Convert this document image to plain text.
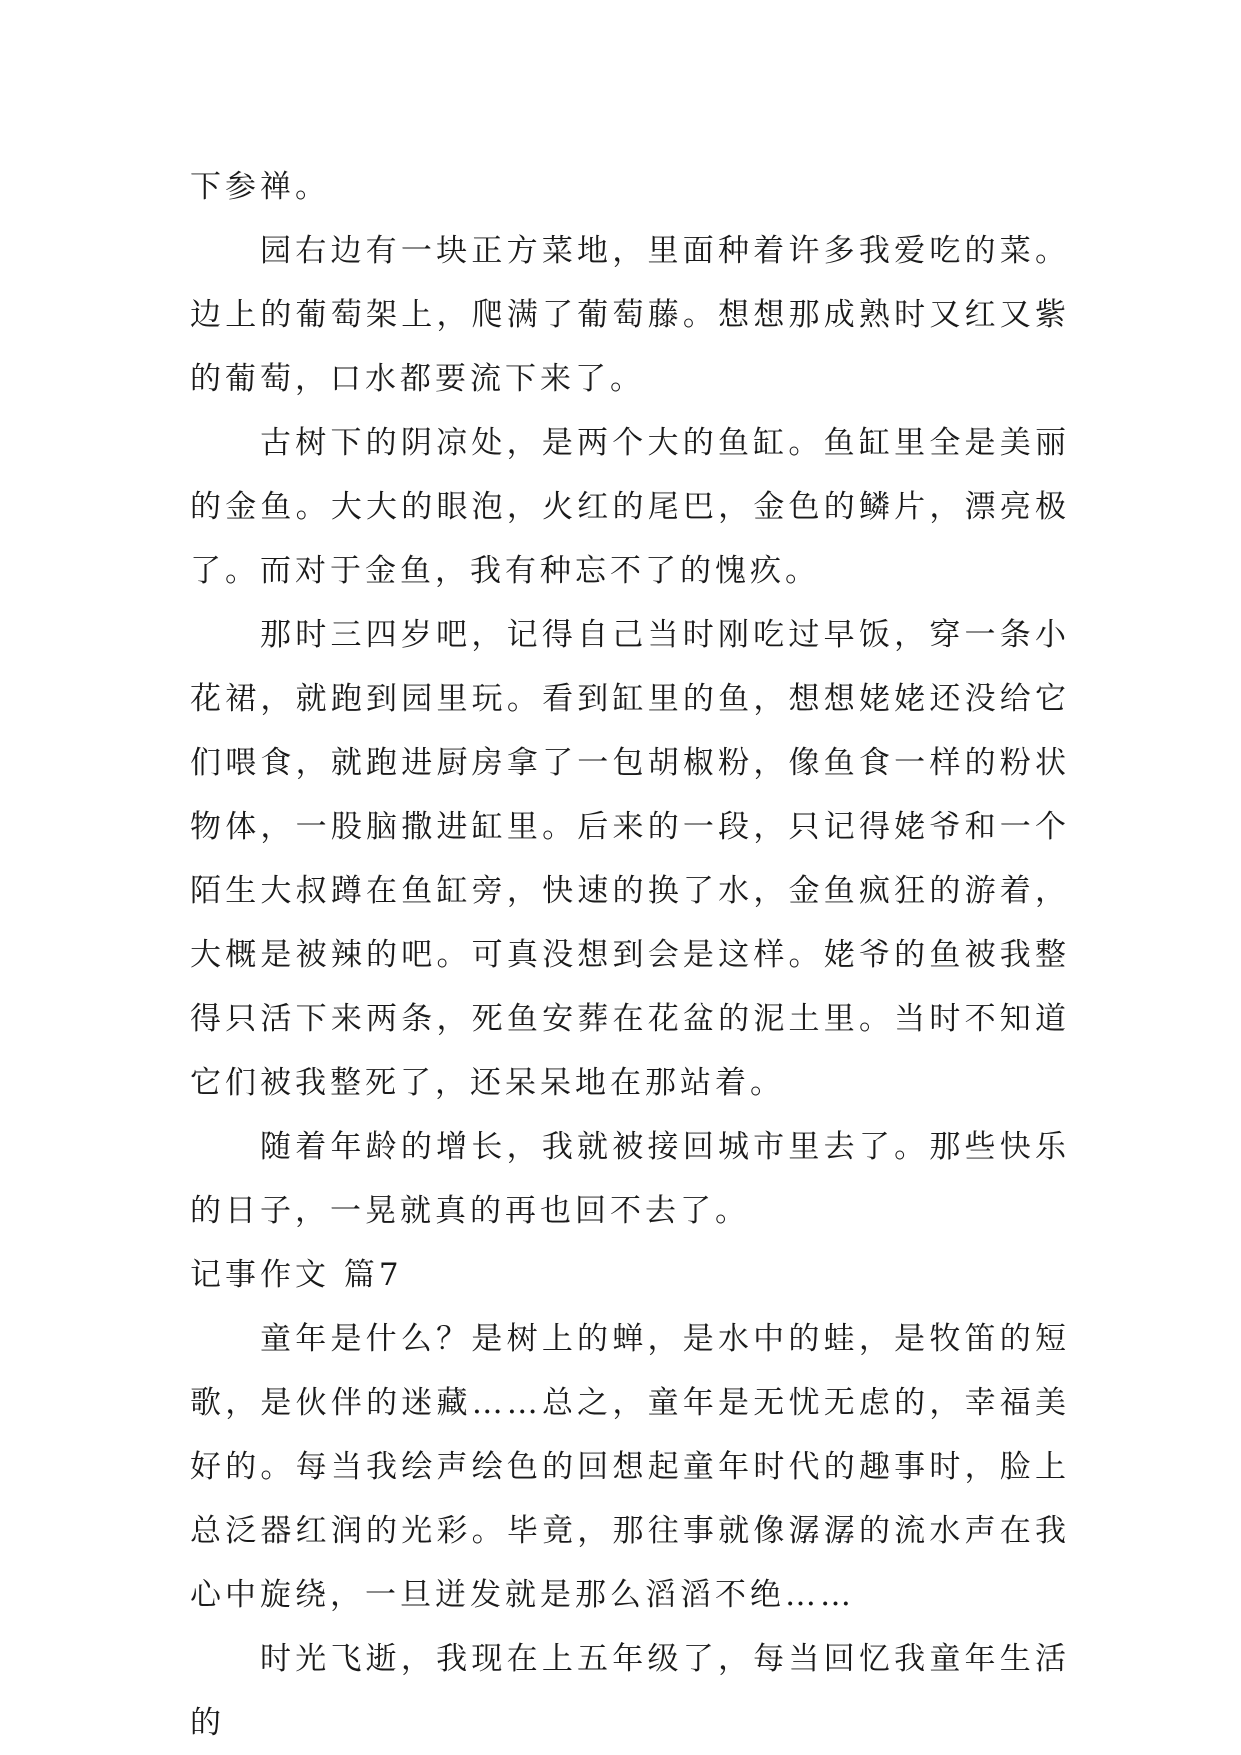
下参禅。

园右边有一块正方菜地，里面种着许多我爱吃的菜。边上的葡萄架上，爬满了葡萄藤。想想那成熟时又红又紫的葡萄，口水都要流下来了。

古树下的阴凉处，是两个大的鱼缸。鱼缸里全是美丽的金鱼。大大的眼泡，火红的尾巴，金色的鳞片，漂亮极了。而对于金鱼，我有种忘不了的愧疚。

那时三四岁吧，记得自己当时刚吃过早饭，穿一条小花裙，就跑到园里玩。看到缸里的鱼，想想姥姥还没给它们喂食，就跑进厨房拿了一包胡椒粉，像鱼食一样的粉状物体，一股脑撒进缸里。后来的一段，只记得姥爷和一个陌生大叔蹲在鱼缸旁，快速的换了水，金鱼疯狂的游着，大概是被辣的吧。可真没想到会是这样。姥爷的鱼被我整得只活下来两条，死鱼安葬在花盆的泥土里。当时不知道它们被我整死了，还呆呆地在那站着。

随着年龄的增长，我就被接回城市里去了。那些快乐的日子，一晃就真的再也回不去了。

记事作文 篇7

童年是什么？是树上的蝉，是水中的蛙，是牧笛的短歌，是伙伴的迷藏……总之，童年是无忧无虑的，幸福美好的。每当我绘声绘色的回想起童年时代的趣事时，脸上总泛器红润的光彩。毕竟，那往事就像潺潺的流水声在我心中旋绕，一旦迸发就是那么滔滔不绝……

时光飞逝，我现在上五年级了，每当回忆我童年生活的
